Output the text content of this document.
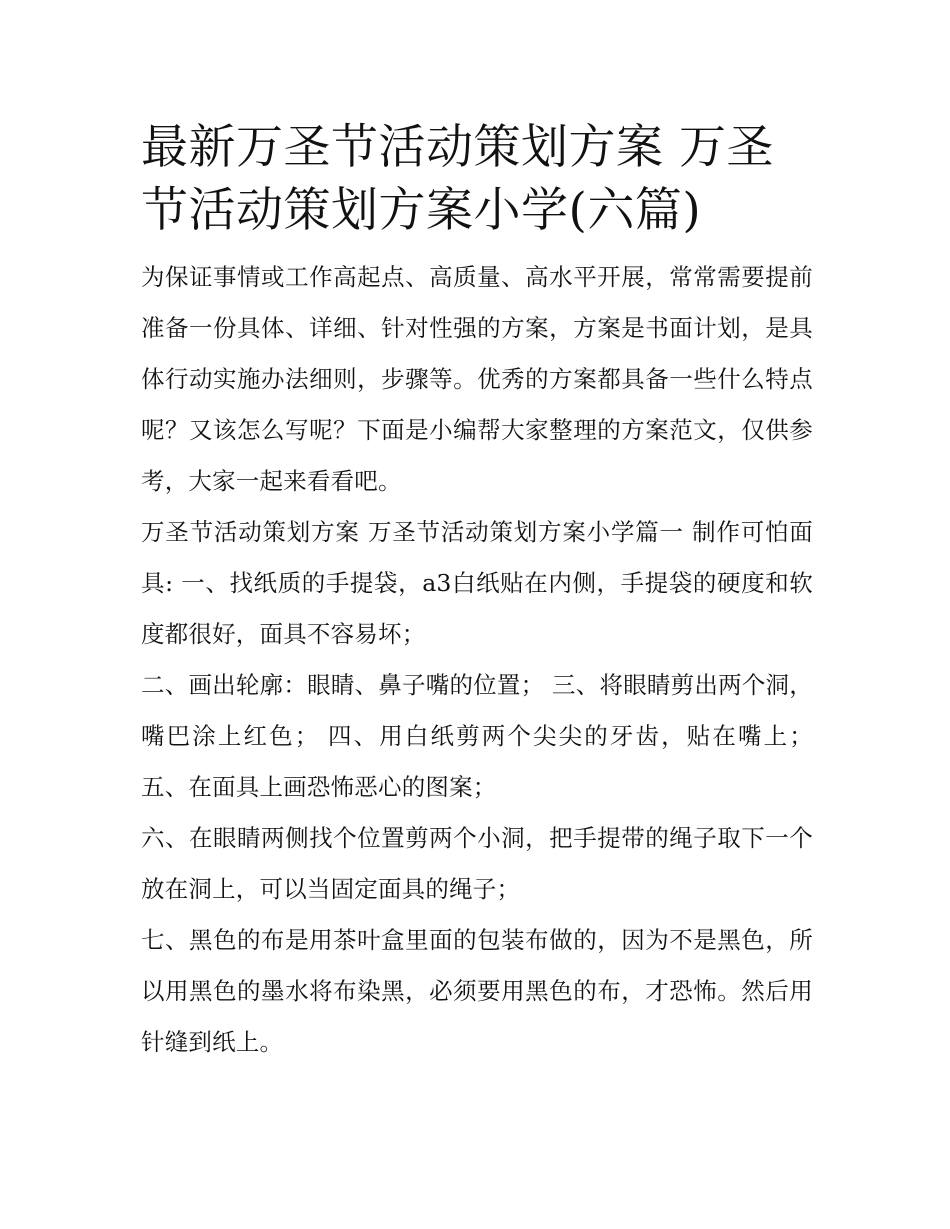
最新万圣节活动策划方案 万圣节活动策划方案小学(六篇)

为保证事情或工作高起点、高质量、高水平开展，常常需要提前准备一份具体、详细、针对性强的方案，方案是书面计划，是具体行动实施办法细则，步骤等。优秀的方案都具备一些什么特点呢？又该怎么写呢？下面是小编帮大家整理的方案范文，仅供参考，大家一起来看看吧。

万圣节活动策划方案 万圣节活动策划方案小学篇一 制作可怕面具: 一、找纸质的手提袋，a3白纸贴在内侧，手提袋的硬度和软度都很好，面具不容易坏；

二、画出轮廓：眼睛、鼻子嘴的位置； 三、将眼睛剪出两个洞，嘴巴涂上红色； 四、用白纸剪两个尖尖的牙齿，贴在嘴上； 五、在面具上画恐怖恶心的图案；

六、在眼睛两侧找个位置剪两个小洞，把手提带的绳子取下一个放在洞上，可以当固定面具的绳子；

七、黑色的布是用茶叶盒里面的包装布做的，因为不是黑色，所以用黑色的墨水将布染黑，必须要用黑色的布，才恐怖。然后用针缝到纸上。
